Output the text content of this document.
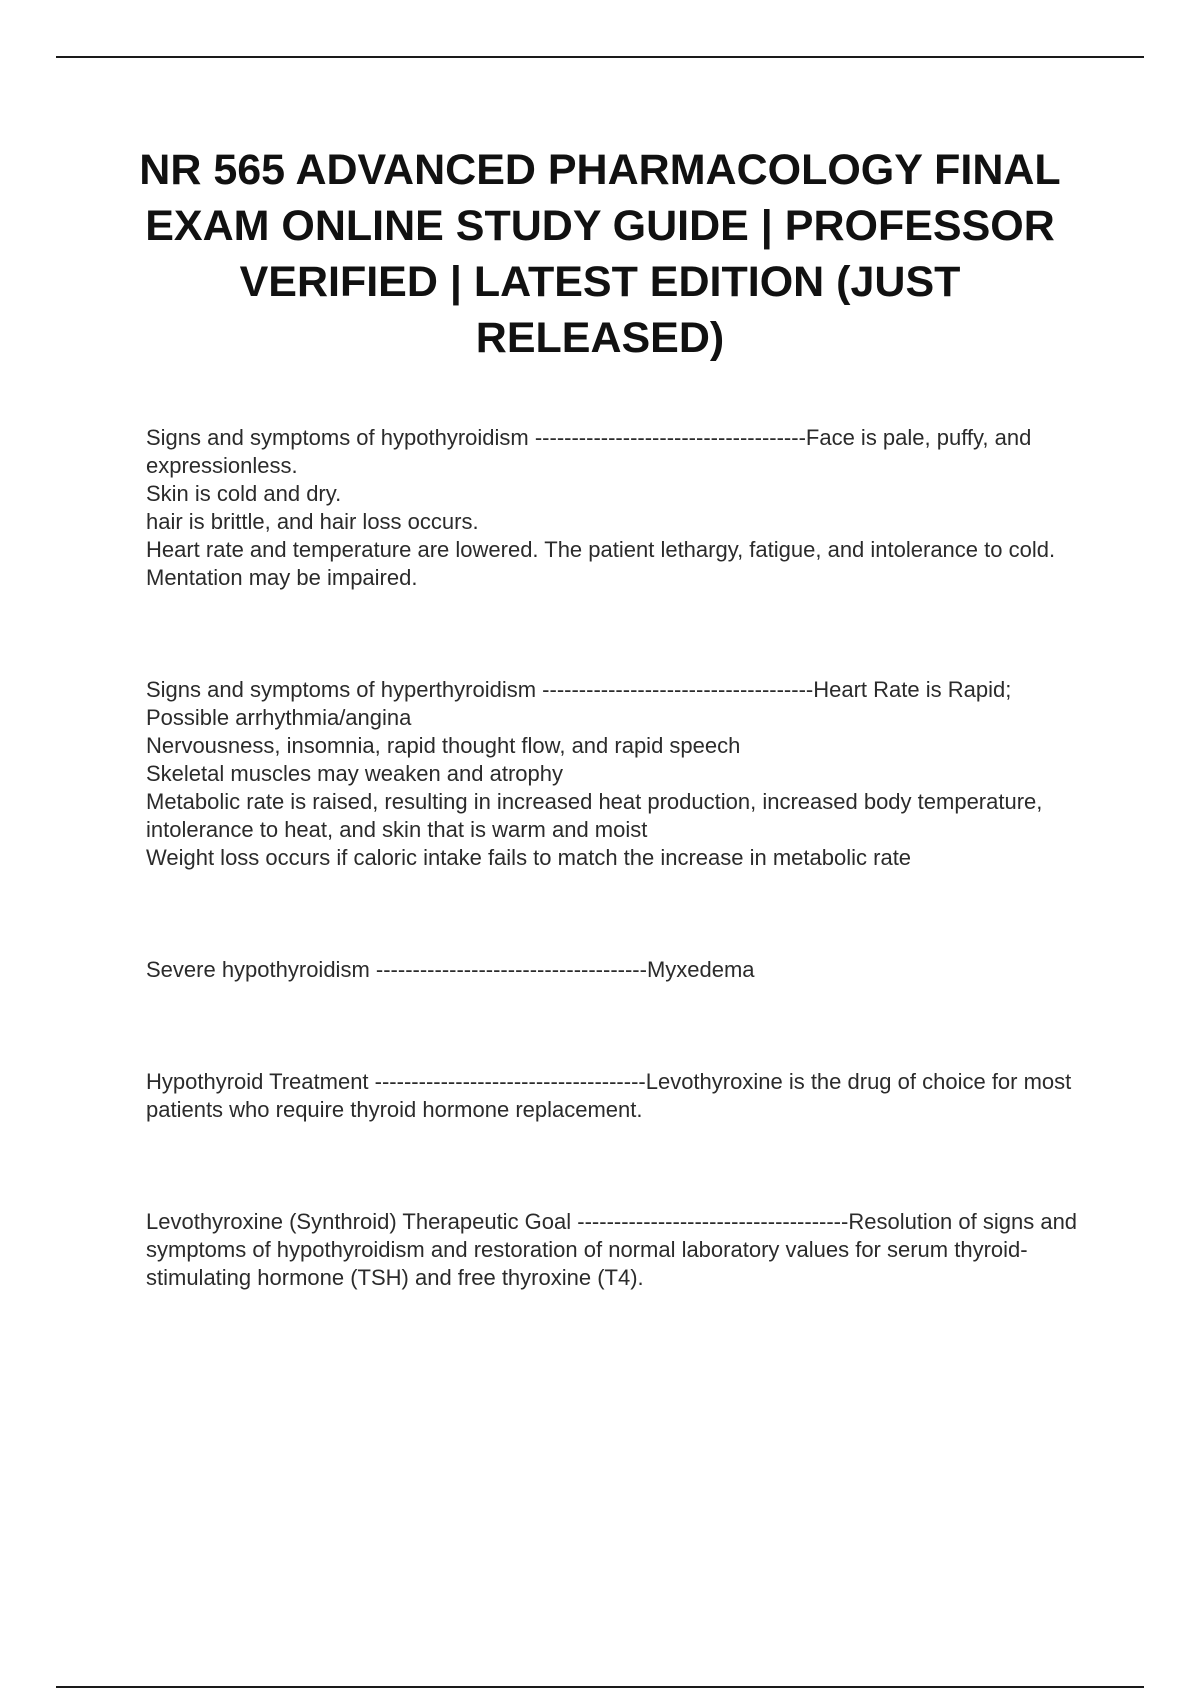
NR 565 ADVANCED PHARMACOLOGY FINAL EXAM ONLINE STUDY GUIDE | PROFESSOR VERIFIED | LATEST EDITION (JUST RELEASED)
Signs and symptoms of hypothyroidism -------------------------------------Face is pale, puffy, and expressionless.
Skin is cold and dry.
hair is brittle, and hair loss occurs.
Heart rate and temperature are lowered. The patient lethargy, fatigue, and intolerance to cold.
Mentation may be impaired.
Signs and symptoms of hyperthyroidism -------------------------------------Heart Rate is Rapid; Possible arrhythmia/angina
Nervousness, insomnia, rapid thought flow, and rapid speech
Skeletal muscles may weaken and atrophy
Metabolic rate is raised, resulting in increased heat production, increased body temperature, intolerance to heat, and skin that is warm and moist
Weight loss occurs if caloric intake fails to match the increase in metabolic rate
Severe hypothyroidism -------------------------------------Myxedema
Hypothyroid Treatment -------------------------------------Levothyroxine is the drug of choice for most patients who require thyroid hormone replacement.
Levothyroxine (Synthroid) Therapeutic Goal -------------------------------------Resolution of signs and symptoms of hypothyroidism and restoration of normal laboratory values for serum thyroid-stimulating hormone (TSH) and free thyroxine (T4).
